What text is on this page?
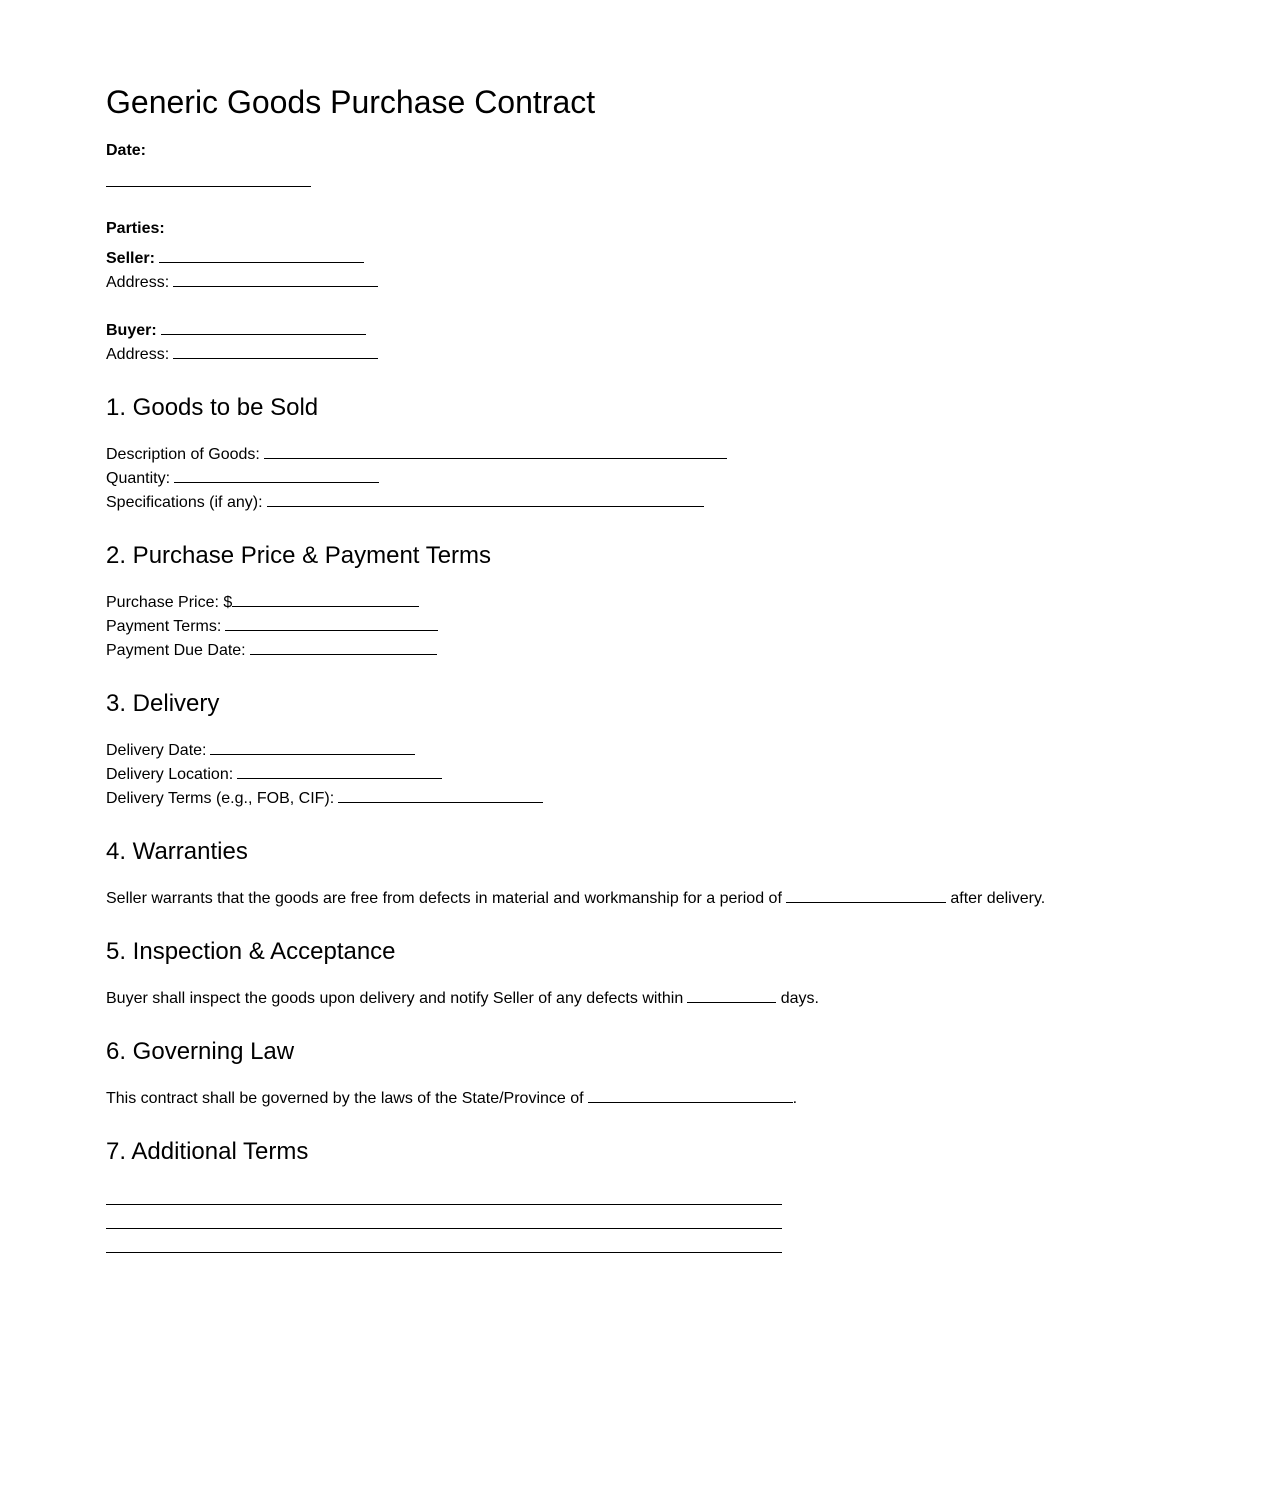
Generic Goods Purchase Contract
Date:
Parties:
Seller:
Address:
Buyer:
Address:
1. Goods to be Sold
Description of Goods:
Quantity:
Specifications (if any):
2. Purchase Price & Payment Terms
Purchase Price: $
Payment Terms:
Payment Due Date:
3. Delivery
Delivery Date:
Delivery Location:
Delivery Terms (e.g., FOB, CIF):
4. Warranties
Seller warrants that the goods are free from defects in material and workmanship for a period of	after delivery.
5. Inspection & Acceptance
Buyer shall inspect the goods upon delivery and notify Seller of any defects within	days.
6. Governing Law
This contract shall be governed by the laws of the State/Province of	.
7. Additional Terms
